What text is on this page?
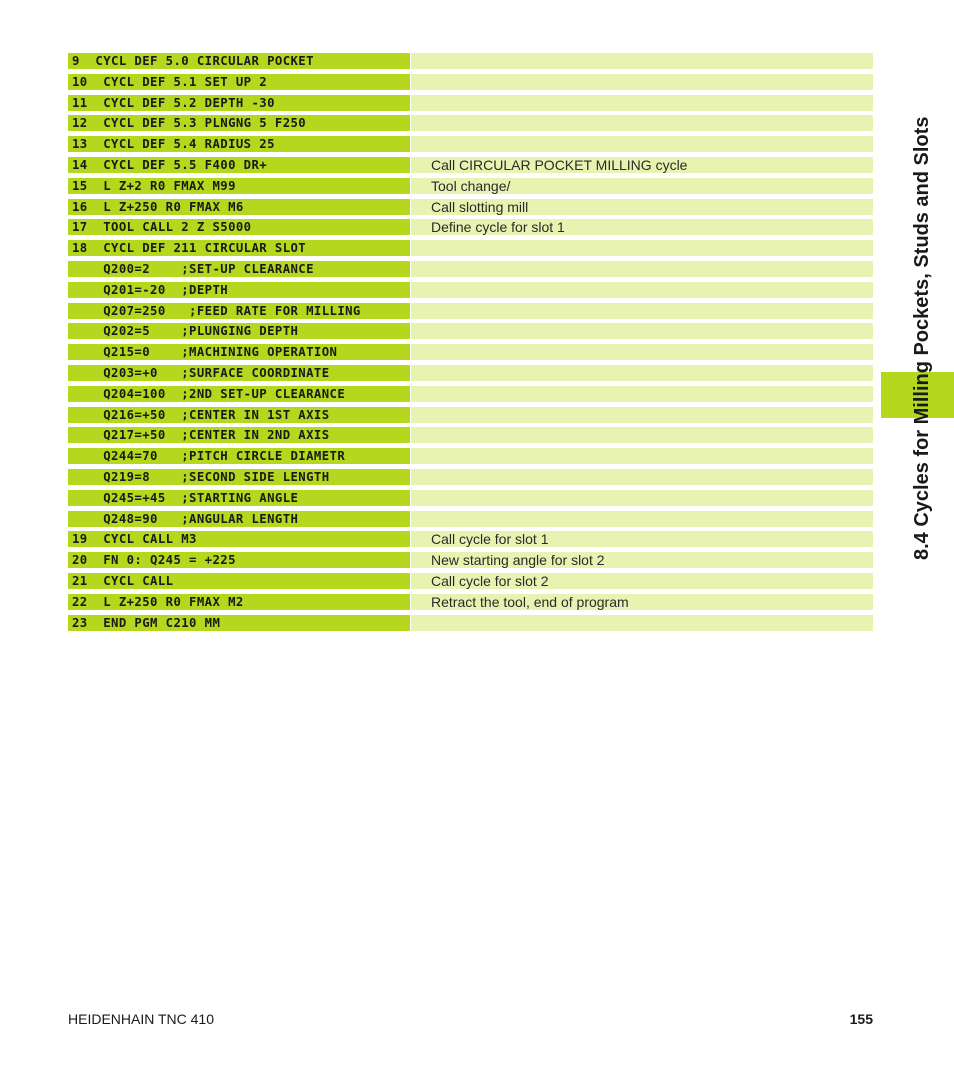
9  CYCL DEF 5.0 CIRCULAR POCKET
10  CYCL DEF 5.1 SET UP 2
11  CYCL DEF 5.2 DEPTH -30
12  CYCL DEF 5.3 PLNGNG 5 F250
13  CYCL DEF 5.4 RADIUS 25
14  CYCL DEF 5.5 F400 DR+	Call CIRCULAR POCKET MILLING cycle
15  L Z+2 R0 FMAX M99	Tool change/
16  L Z+250 R0 FMAX M6	Call slotting mill
17  TOOL CALL 2 Z S5000	Define cycle for slot 1
18  CYCL DEF 211 CIRCULAR SLOT
Q200=2    ;SET-UP CLEARANCE
Q201=-20  ;DEPTH
Q207=250   ;FEED RATE FOR MILLING
Q202=5    ;PLUNGING DEPTH
Q215=0    ;MACHINING OPERATION
Q203=+0   ;SURFACE COORDINATE
Q204=100  ;2ND SET-UP CLEARANCE
Q216=+50  ;CENTER IN 1ST AXIS
Q217=+50  ;CENTER IN 2ND AXIS
Q244=70   ;PITCH CIRCLE DIAMETR
Q219=8    ;SECOND SIDE LENGTH
Q245=+45  ;STARTING ANGLE
Q248=90   ;ANGULAR LENGTH
19  CYCL CALL M3	Call cycle for slot 1
20  FN 0: Q245 = +225	New starting angle for slot 2
21  CYCL CALL	Call cycle for slot 2
22  L Z+250 R0 FMAX M2	Retract the tool, end of program
23  END PGM C210 MM
8.4 Cycles for Milling Pockets, Studs and Slots
HEIDENHAIN TNC 410	155
